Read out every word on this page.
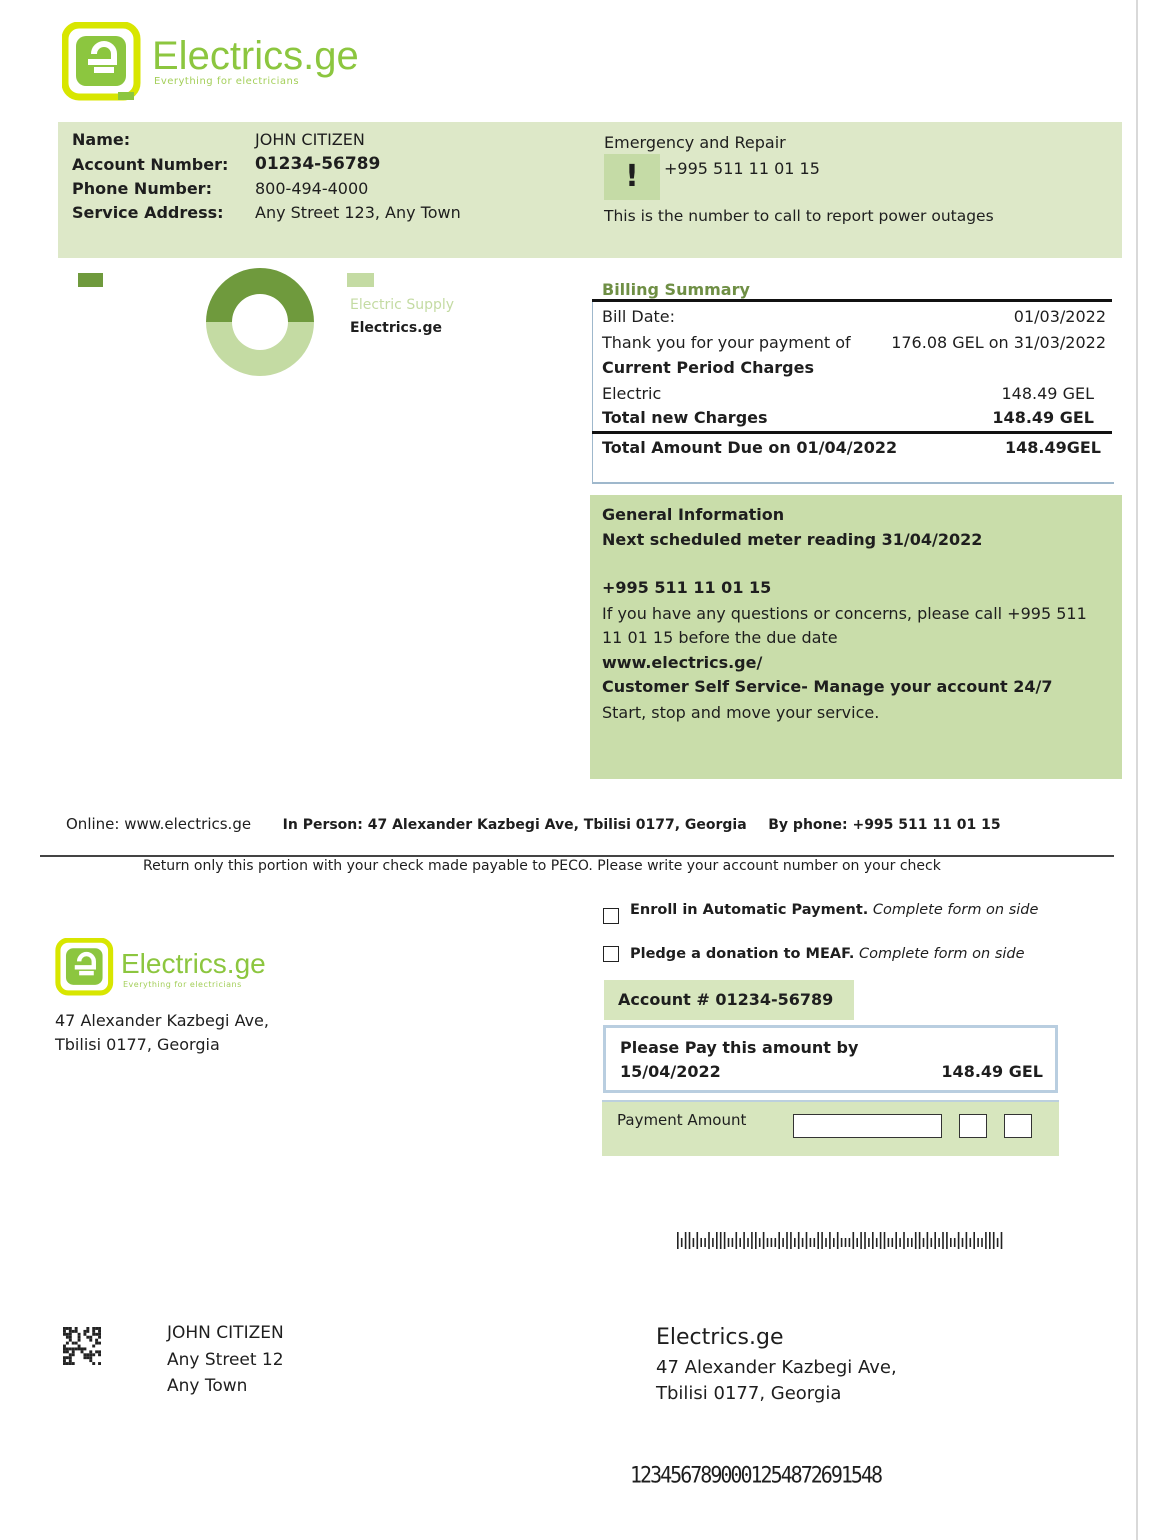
Electrics.ge
Everything for electricians
Name:	JOHN CITIZEN
Account Number: 01234-56789
Phone Number:	800-494-4000
Service Address: Any Street 123, Any Town
Emergency and Repair
!	+995 511 11 01 15
This is the number to call to report power outages
Electric Supply
Electrics.ge
Billing Summary
Bill Date:	01/03/2022
Thank you for your payment of	176.08 GEL on 31/03/2022
Current Period Charges
Electric	148.49 GEL
Total new Charges	148.49 GEL
Total Amount Due on 01/04/2022	148.49GEL
General Information
Next scheduled meter reading 31/04/2022
+995 511 11 01 15
If you have any questions or concerns, please call +995 511
11 01 15 before the due date
www.electrics.ge/
Customer Self Service- Manage your account 24/7
Start, stop and move your service.
Online: www.electrics.ge In Person: 47 Alexander Kazbegi Ave, Tbilisi 0177, Georgia By phone: +995 511 11 01 15
Return only this portion with your check made payable to PECO. Please write your account number on your check
Electrics.ge
Everything for electricians
47 Alexander Kazbegi Ave,
Tbilisi 0177, Georgia
Enroll in Automatic Payment. Complete form on side
Pledge a donation to MEAF. Complete form on side
Account # 01234-56789
Please Pay this amount by
15/04/2022	148.49 GEL
Payment Amount
JOHN CITIZEN
Any Street 12
Any Town
Electrics.ge
47 Alexander Kazbegi Ave,
Tbilisi 0177, Georgia
1234567890001254872691548
